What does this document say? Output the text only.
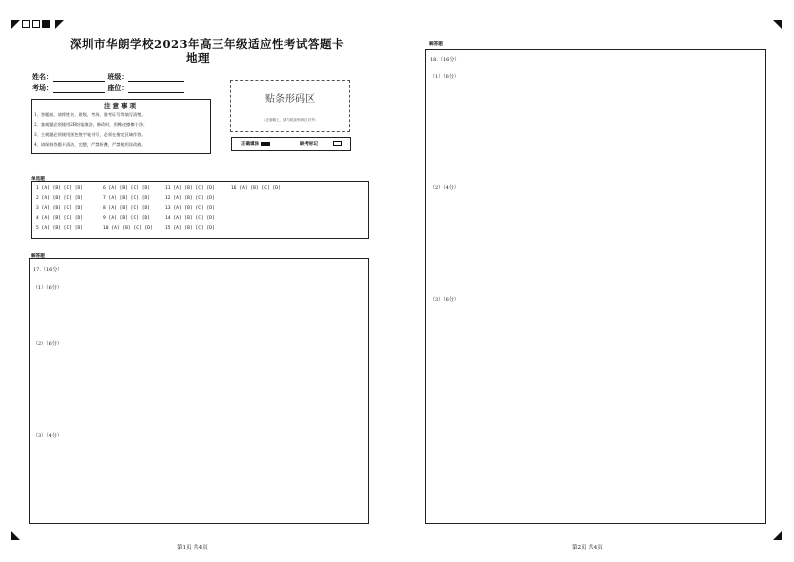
深圳市华朗学校2023年高三年级适应性考试答题卡
地理
姓名：	班级：
考场：	座位：
注意事项
1、答题前，请将姓名、班级、考场、准考证号等填写清楚。
2、客观题必须使用2B铅笔填涂，修改时，用橡皮擦擦干净。
3、主观题必须使用黑色签字笔书写，必须在指定区域作答。
4、请保持答题卡清洁，完整，严禁折叠，严禁使用涂改液。
贴条形码区
（正面朝上，请与贴条形码区对齐）
正确填涂	缺考标记
单选题
1 [A] [B] [C] [D]	6 [A] [B] [C] [D]	11 [A] [B] [C] [D]	16 [A] [B] [C] [D]
2 [A] [B] [C] [D]	7 [A] [B] [C] [D]	12 [A] [B] [C] [D]
3 [A] [B] [C] [D]	8 [A] [B] [C] [D]	13 [A] [B] [C] [D]
4 [A] [B] [C] [D]	9 [A] [B] [C] [D]	14 [A] [B] [C] [D]
5 [A] [B] [C] [D]	10 [A] [B] [C] [D]	15 [A] [B] [C] [D]
解答题
17.（16分）
（1）（6分）
（2）（6分）
（3）（4分）
第1页 共4页
解答题
18.（16分）
（1）（6分）
（2）（4分）
（3）（6分）
第2页 共4页
